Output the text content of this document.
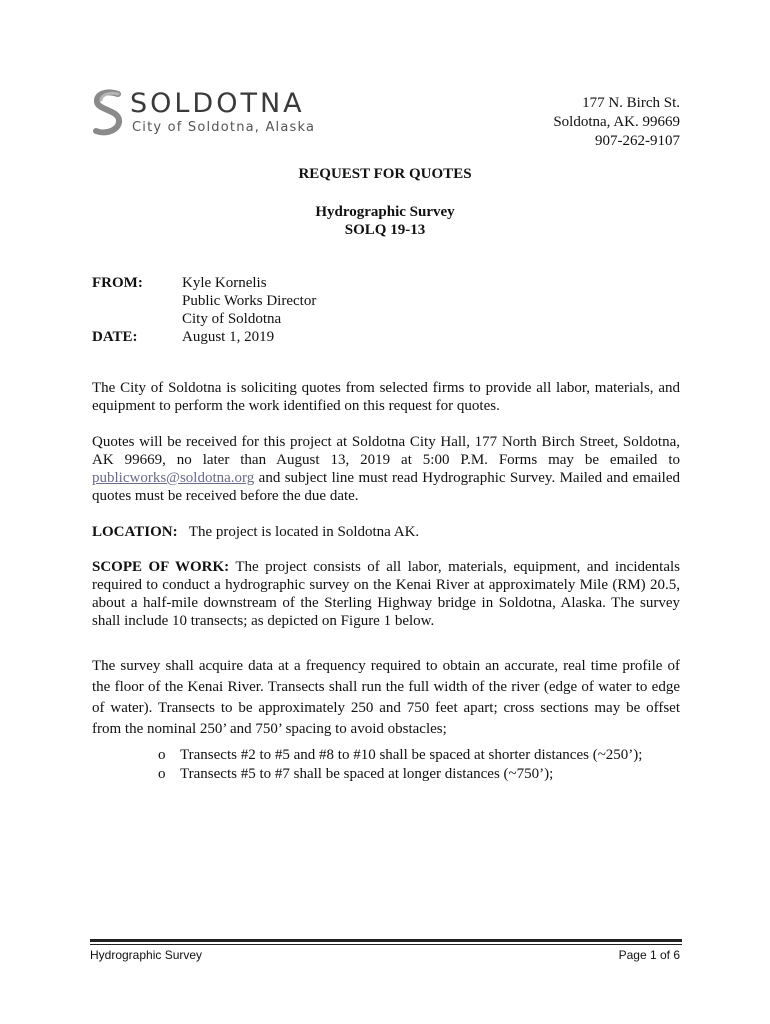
SOLDOTNA
City of Soldotna, Alaska
177 N. Birch St.
Soldotna, AK. 99669
907-262-9107
REQUEST FOR QUOTES
Hydrographic Survey
SOLQ 19-13
FROM:	Kyle Kornelis
Public Works Director
City of Soldotna
DATE:	August 1, 2019
The City of Soldotna is soliciting quotes from selected firms to provide all labor, materials, and equipment to perform the work identified on this request for quotes.
Quotes will be received for this project at Soldotna City Hall, 177 North Birch Street, Soldotna, AK 99669, no later than August 13, 2019 at 5:00 P.M. Forms may be emailed to publicworks@soldotna.org and subject line must read Hydrographic Survey. Mailed and emailed quotes must be received before the due date.
LOCATION: The project is located in Soldotna AK.
SCOPE OF WORK: The project consists of all labor, materials, equipment, and incidentals required to conduct a hydrographic survey on the Kenai River at approximately Mile (RM) 20.5, about a half-mile downstream of the Sterling Highway bridge in Soldotna, Alaska. The survey shall include 10 transects; as depicted on Figure 1 below.
The survey shall acquire data at a frequency required to obtain an accurate, real time profile of the floor of the Kenai River. Transects shall run the full width of the river (edge of water to edge of water). Transects to be approximately 250 and 750 feet apart; cross sections may be offset from the nominal 250’ and 750’ spacing to avoid obstacles;
o Transects #2 to #5 and #8 to #10 shall be spaced at shorter distances (~250’);
o Transects #5 to #7 shall be spaced at longer distances (~750’);
Hydrographic Survey	Page 1 of 6
